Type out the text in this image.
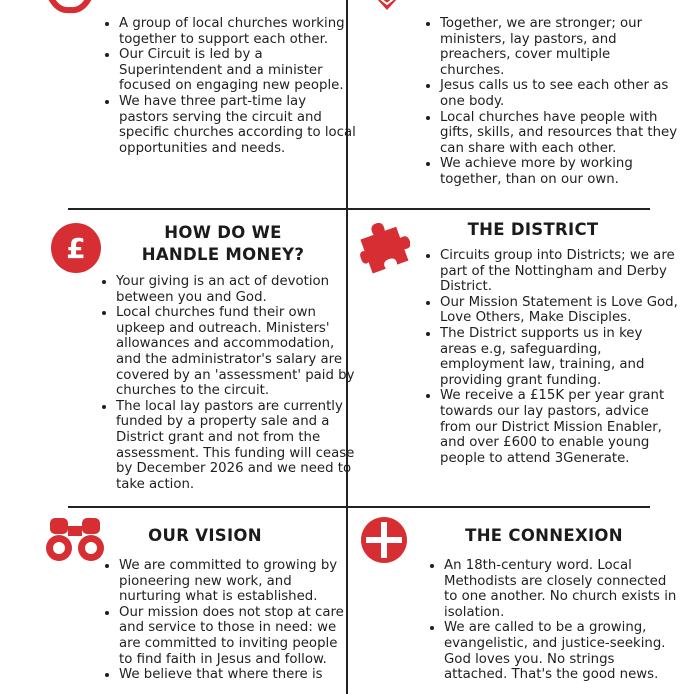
• A group of local churches working together to support each other.
• Our Circuit is led by a Superintendent and a minister focused on engaging new people.
• We have three part-time lay pastors serving the circuit and specific churches according to local opportunities and needs.
• Together, we are stronger; our ministers, lay pastors, and preachers, cover multiple churches.
• Jesus calls us to see each other as one body.
• Local churches have people with gifts, skills, and resources that they can share with each other.
• We achieve more by working together, than on our own.
£	HOW DO WE
HANDLE MONEY?
• Your giving is an act of devotion between you and God.
• Local churches fund their own upkeep and outreach. Ministers' allowances and accommodation, and the administrator's salary are covered by an 'assessment' paid by churches to the circuit.
• The local lay pastors are currently funded by a property sale and a District grant and not from the assessment. This funding will cease by December 2026 and we need to take action.
THE DISTRICT
• Circuits group into Districts; we are part of the Nottingham and Derby District.
• Our Mission Statement is Love God, Love Others, Make Disciples.
• The District supports us in key areas e.g, safeguarding, employment law, training, and providing grant funding.
• We receive a £15K per year grant towards our lay pastors, advice from our District Mission Enabler, and over £600 to enable young people to attend 3Generate.
OUR VISION
• We are committed to growing by pioneering new work, and nurturing what is established.
• Our mission does not stop at care and service to those in need: we are committed to inviting people to find faith in Jesus and follow.
• We believe that where there is
THE CONNEXION
• An 18th-century word. Local Methodists are closely connected to one another. No church exists in isolation.
• We are called to be a growing, evangelistic, and justice-seeking. God loves you. No strings attached. That's the good news.
